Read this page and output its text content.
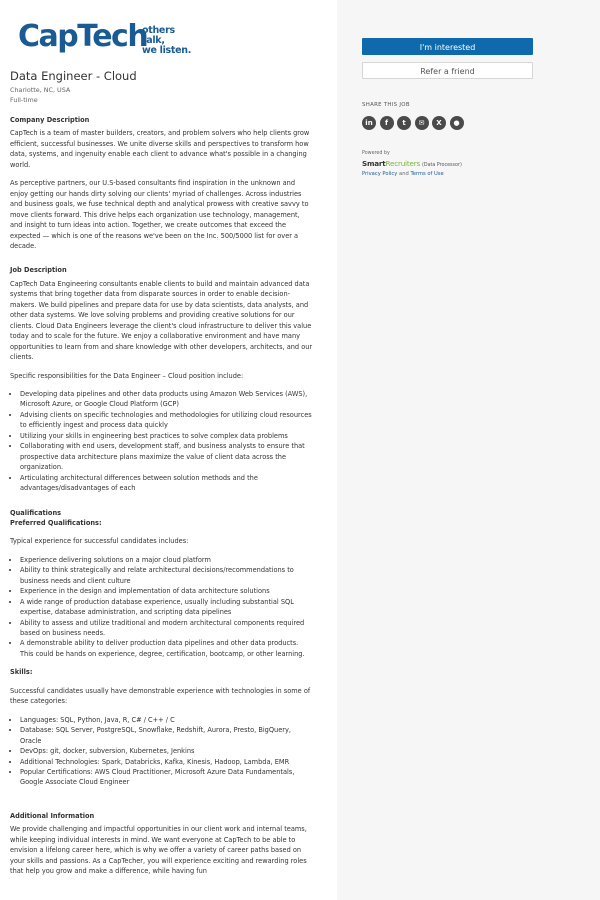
CapTech
others talk,
we listen.
Data Engineer - Cloud
Charlotte, NC, USA
Full-time
Company Description

CapTech is a team of master builders, creators, and problem solvers who help clients grow efficient, successful businesses. We unite diverse skills and perspectives to transform how data, systems, and ingenuity enable each client to advance what's possible in a changing world.

As perceptive partners, our U.S-based consultants find inspiration in the unknown and enjoy getting our hands dirty solving our clients' myriad of challenges. Across industries and business goals, we fuse technical depth and analytical prowess with creative savvy to move clients forward. This drive helps each organization use technology, management, and insight to turn ideas into action. Together, we create outcomes that exceed the expected — which is one of the reasons we've been on the Inc. 500/5000 list for over a decade.

Job Description

CapTech Data Engineering consultants enable clients to build and maintain advanced data systems that bring together data from disparate sources in order to enable decision-makers. We build pipelines and prepare data for use by data scientists, data analysts, and other data systems. We love solving problems and providing creative solutions for our clients. Cloud Data Engineers leverage the client's cloud infrastructure to deliver this value today and to scale for the future. We enjoy a collaborative environment and have many opportunities to learn from and share knowledge with other developers, architects, and our clients.

Specific responsibilities for the Data Engineer – Cloud position include:

• Developing data pipelines and other data products using Amazon Web Services (AWS), Microsoft Azure, or Google Cloud Platform (GCP)
• Advising clients on specific technologies and methodologies for utilizing cloud resources to efficiently ingest and process data quickly
• Utilizing your skills in engineering best practices to solve complex data problems
• Collaborating with end users, development staff, and business analysts to ensure that prospective data architecture plans maximize the value of client data across the organization.
• Articulating architectural differences between solution methods and the advantages/disadvantages of each
Qualifications
Preferred Qualifications:

Typical experience for successful candidates includes:

• Experience delivering solutions on a major cloud platform
• Ability to think strategically and relate architectural decisions/recommendations to business needs and client culture
• Experience in the design and implementation of data architecture solutions
• A wide range of production database experience, usually including substantial SQL expertise, database administration, and scripting data pipelines
• Ability to assess and utilize traditional and modern architectural components required based on business needs.
• A demonstrable ability to deliver production data pipelines and other data products. This could be hands on experience, degree, certification, bootcamp, or other learning.
Skills:

Successful candidates usually have demonstrable experience with technologies in some of these categories:

• Languages: SQL, Python, Java, R, C# / C++ / C
• Database: SQL Server, PostgreSQL, Snowflake, Redshift, Aurora, Presto, BigQuery, Oracle
• DevOps: git, docker, subversion, Kubernetes, Jenkins
• Additional Technologies: Spark, Databricks, Kafka, Kinesis, Hadoop, Lambda, EMR
• Popular Certifications: AWS Cloud Practitioner, Microsoft Azure Data Fundamentals, Google Associate Cloud Engineer
Additional Information

We provide challenging and impactful opportunities in our client work and internal teams, while keeping individual interests in mind. We want everyone at CapTech to be able to envision a lifelong career here, which is why we offer a variety of career paths based on your skills and passions. As a CapTecher, you will experience exciting and rewarding roles that help you grow and make a difference, while having fun

I'm interested
Refer a friend
SHARE THIS JOB
in	f	t	✉	X	●
Powered by
Smart Recruiters (Data Processor)
Privacy Policy and Terms of Use
